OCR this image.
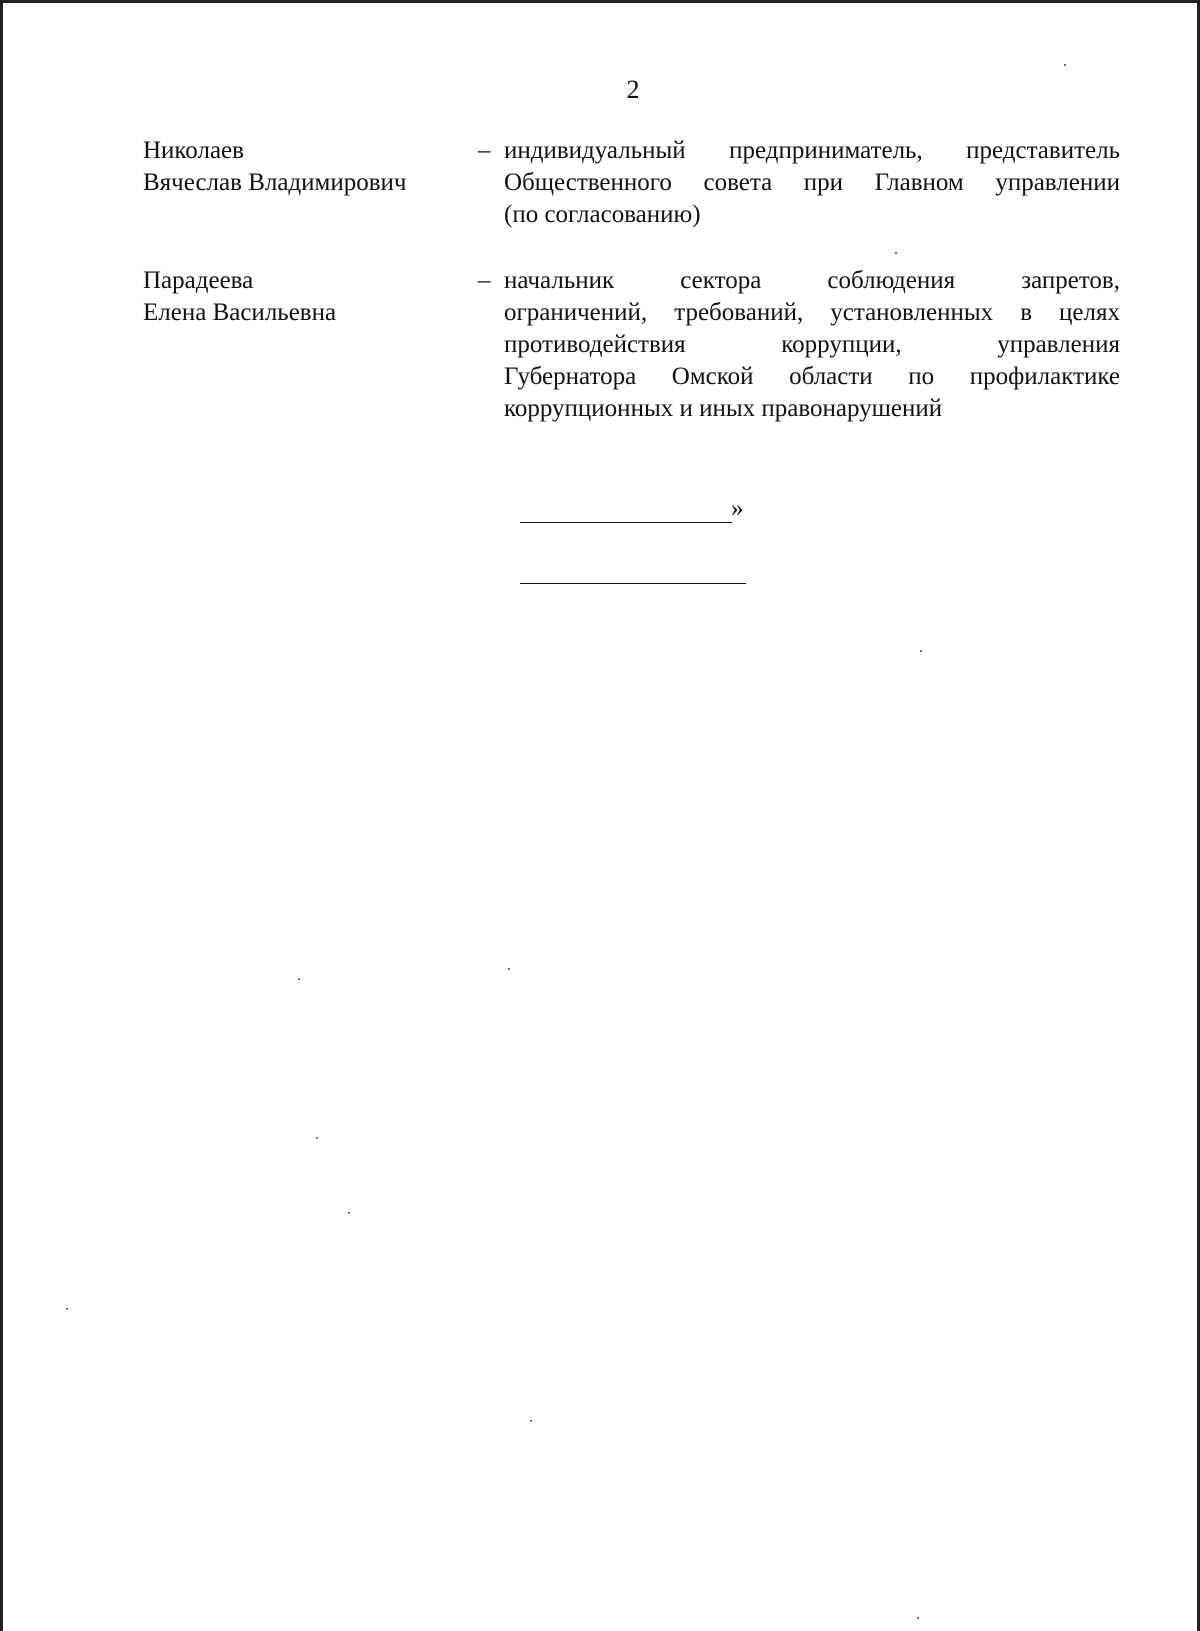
2
Николаев
Вячеслав Владимирович
– индивидуальный предприниматель, представитель
Общественного совета при Главном управлении
(по согласованию)
Парадеева
Елена Васильевна
– начальник сектора соблюдения запретов,
ограничений, требований, установленных в целях
противодействия коррупции, управления
Губернатора Омской области по профилактике
коррупционных и иных правонарушений
»
